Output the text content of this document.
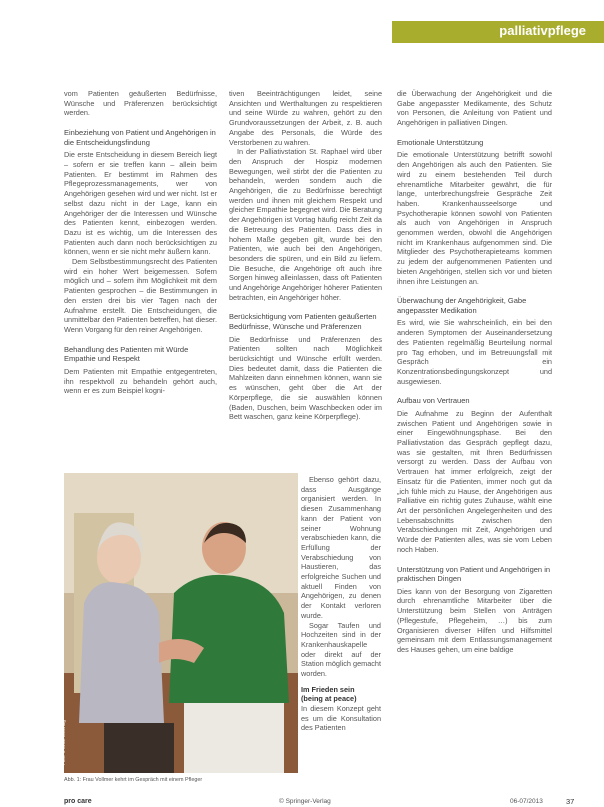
palliativpflege

vom Patienten geäußerten Bedürfnisse, Wünsche und Präferenzen berücksichtigt werden.

Einbeziehung von Patient und Angehörigen in die Entscheidungsfindung

Die erste Entscheidung in diesem Bereich liegt – sofern er sie treffen kann – allein beim Patienten. Er bestimmt im Rahmen des Pflegeprozessmanagements, wer von Angehörigen gesehen wird und wer nicht. Ist er selbst dazu nicht in der Lage, kann ein Angehöriger der die Interessen und Wünsche des Patienten kennt, einbezogen werden. Dazu ist es wichtig, um die Interessen des Patienten auch dann noch berücksichtigen zu können, wenn er sie nicht mehr äußern kann.

Dem Selbstbestimmungsrecht des Patienten wird ein hoher Wert beigemessen. Sofern möglich und – sofern ihm Möglichkeit mit dem Patienten gesprochen – die Bestimmungen in den ersten drei bis vier Tagen nach der Aufnahme erstellt. Die Entscheidungen, die unmittelbar den Patienten betreffen, hat dieser. Wenn Vorgang für den reiner Angehörigen.

Behandlung des Patienten mit Würde Empathie und Respekt

Dem Patienten mit Empathie entgegentreten, ihn respektvoll zu behandeln gehört auch, wenn er es zum Beispiel kogni-

tiven Beeinträchtigungen leidet, seine Ansichten und Werthaltungen zu respektieren und seine Würde zu wahren, gehört zu den Grundvoraussetzungen der Arbeit, z. B. auch Angabe des Personals, die Würde des Verstorbenen zu wahren.

In der Palliativstation St. Raphael wird über den Anspruch der Hospiz modernen Bewegungen, weil stirbt der die Patienten zu behandeln, werden sondern auch die Angehörigen, die zu Bedürfnisse berechtigt werden und ihnen mit gleichem Respekt und gleicher Empathie begegnet wird. Die Beratung der Angehörigen ist Vortag häufig reicht Zeit da die Betreuung des Patienten. Dass dies in hohem Maße gegeben gilt, wurde bei den Patienten, wie auch bei den Angehörigen, besonders die spüren, und ein Bild zu liefern. Die Besuche, die Angehörige oft auch ihre Sorgen hinweg alleinlassen, dass oft Patienten und Angehörige Angehöriger höherer Patienten betrachten, ein Angehöriger höher.

Berücksichtigung vom Patienten geäußerten Bedürfnisse, Wünsche und Präferenzen

Die Bedürfnisse und Präferenzen des Patienten sollten nach Möglichkeit berücksichtigt und Wünsche erfüllt werden. Dies bedeutet damit, dass die Patienten die Mahlzeiten dann einnehmen können, wann sie es wünschen, geht über die Art der Körperpflege, die sie auswählen können (Baden, Duschen, beim Waschbecken oder im Bett waschen, ganz keine Körperpflege).

Foto: © Erich Ostertag

Ebenso gehört dazu, dass Ausgänge organisiert werden. In diesen Zusammenhang kann der Patient von seiner Wohnung verabschieden kann, die Erfüllung der Verabschiedung von Haustieren, das erfolgreiche Suchen und aktuell Finden von Angehörigen, zu denen der Kontakt verloren wurde.

Sogar Taufen und Hochzeiten sind in der Krankenhauskapelle oder direkt auf der Station möglich gemacht worden.

Im Frieden sein
(being at peace)

In diesem Konzept geht es um die Konsultation des Patienten

Abb. 1: Frau Vollmer kehrt im Gespräch mit einem Pfleger

die Überwachung der Angehörigkeit und die Gabe angepasster Medikamente, des Schutz von Personen, die Anleitung von Patient und Angehörigen in palliativen Dingen.

Emotionale Unterstützung

Die emotionale Unterstützung betrifft sowohl den Angehörigen als auch den Patienten. Sie wird zu einem bestehenden Teil durch ehrenamtliche Mitarbeiter gewährt, die für lange, unterbrechungsfreie Gespräche Zeit haben. Krankenhausseelsorge und Psychotherapie können sowohl von Patienten als auch von Angehörigen in Anspruch genommen werden, obwohl die Angehörigen nicht im Krankenhaus aufgenommen sind. Die Mitglieder des Psychotherapieteams kommen zu jedem der aufgenommenen Patienten und bieten Angehörigen, stellen sich vor und bieten ihnen ihre Leistungen an.

Überwachung der Angehörigkeit, Gabe angepasster Medikation

Es wird, wie Sie wahrscheinlich, ein bei den anderen Symptomen der Auseinandersetzung des Patienten regelmäßig Beurteilung normal pro Tag erhoben, und im Betreuungsfall mit Gespräch ein Konzentrationsbedingungskonzept und ausgewiesen.

Aufbau von Vertrauen

Die Aufnahme zu Beginn der Aufenthalt zwischen Patient und Angehörigen sowie in einer Eingewöhnungsphase. Bei den Palliativstation das Gespräch gepflegt dazu, was sie gestalten, mit Ihren Bedürfnissen versorgt zu werden. Dass der Aufbau von Vertrauen hat immer erfolgreich, zeigt der Einsatz für die Patienten, immer noch gut da „ich fühle mich zu Hause, der Angehörigen aus Palliative ein richtig gutes Zuhause, wählt eine Art der persönlichen Angelegenheiten und des Lebensabschnitts zwischen den Verabschiedungen mit Zeit, Angehörigen und Würde der Patienten alles, was sie vom Leben noch Haben.

Unterstützung von Patient und Angehörigen in praktischen Dingen

Dies kann von der Besorgung von Zigaretten durch ehrenamtliche Mitarbeiter über die Unterstützung beim Stellen von Anträgen (Pflegestufe, Pflegeheim, …) bis zum Organisieren diverser Hilfen und Hilfsmittel gemeinsam mit dem Entlassungsmanagement des Hauses gehen, um eine baldige

pro care	© Springer-Verlag	06-07/2013	37
